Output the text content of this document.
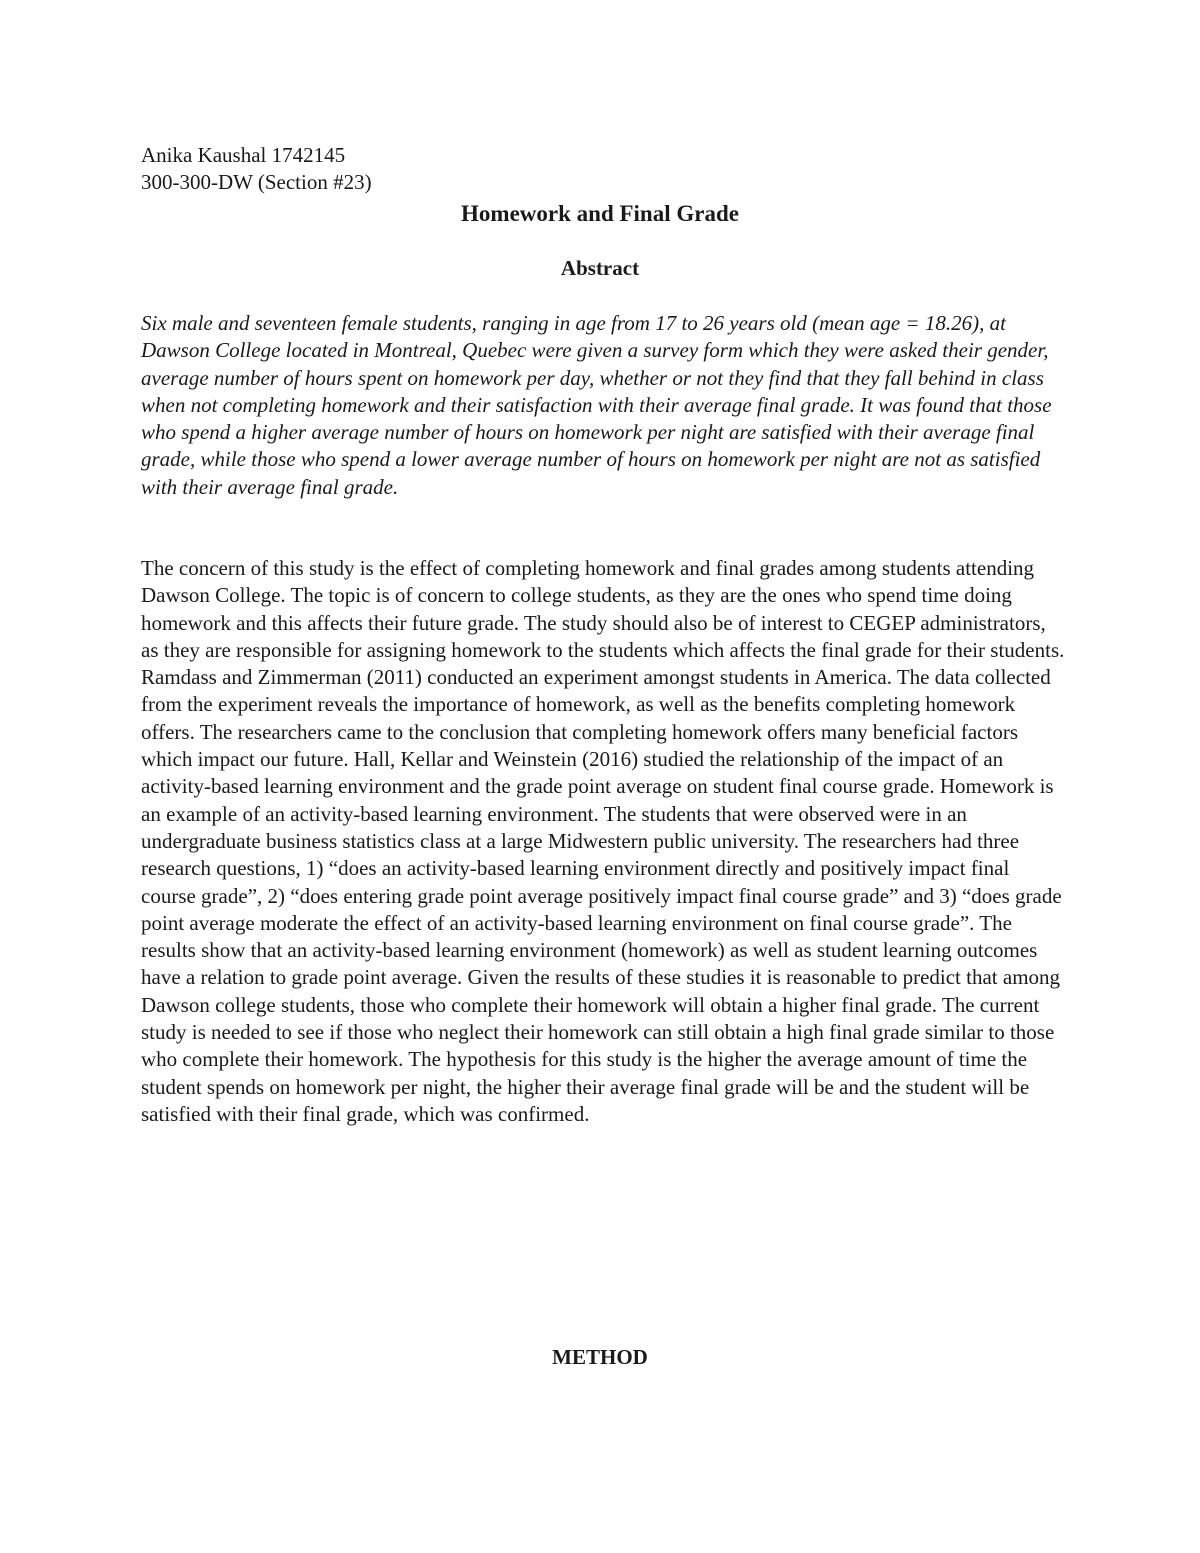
Anika Kaushal 1742145
300-300-DW (Section #23)
Homework and Final Grade
Abstract

Six male and seventeen female students, ranging in age from 17 to 26 years old (mean age = 18.26), at Dawson College located in Montreal, Quebec were given a survey form which they were asked their gender, average number of hours spent on homework per day, whether or not they find that they fall behind in class when not completing homework and their satisfaction with their average final grade. It was found that those who spend a higher average number of hours on homework per night are satisfied with their average final grade, while those who spend a lower average number of hours on homework per night are not as satisfied with their average final grade.

The concern of this study is the effect of completing homework and final grades among students attending Dawson College. The topic is of concern to college students, as they are the ones who spend time doing homework and this affects their future grade. The study should also be of interest to CEGEP administrators, as they are responsible for assigning homework to the students which affects the final grade for their students. Ramdass and Zimmerman (2011) conducted an experiment amongst students in America. The data collected from the experiment reveals the importance of homework, as well as the benefits completing homework offers. The researchers came to the conclusion that completing homework offers many beneficial factors which impact our future. Hall, Kellar and Weinstein (2016) studied the relationship of the impact of an activity-based learning environment and the grade point average on student final course grade. Homework is an example of an activity-based learning environment. The students that were observed were in an undergraduate business statistics class at a large Midwestern public university. The researchers had three research questions, 1) “does an activity-based learning environment directly and positively impact final course grade”, 2) “does entering grade point average positively impact final course grade” and 3) “does grade point average moderate the effect of an activity-based learning environment on final course grade”. The results show that an activity-based learning environment (homework) as well as student learning outcomes have a relation to grade point average. Given the results of these studies it is reasonable to predict that among Dawson college students, those who complete their homework will obtain a higher final grade. The current study is needed to see if those who neglect their homework can still obtain a high final grade similar to those who complete their homework. The hypothesis for this study is the higher the average amount of time the student spends on homework per night, the higher their average final grade will be and the student will be satisfied with their final grade, which was confirmed.

METHOD
